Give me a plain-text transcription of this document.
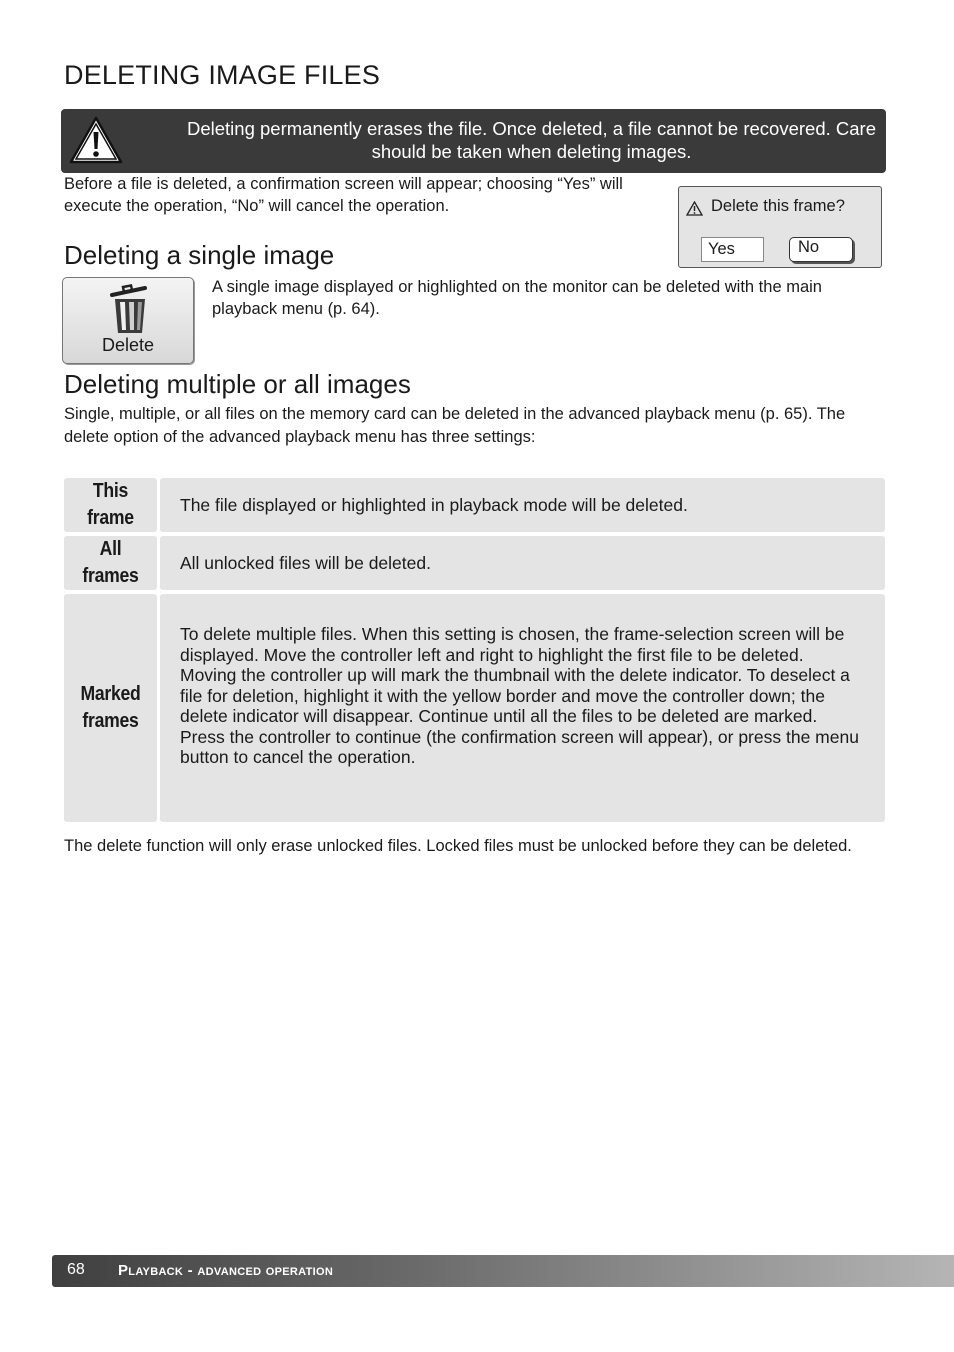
DELETING IMAGE FILES
Deleting permanently erases the file. Once deleted, a file cannot be recovered. Care should be taken when deleting images.
Before a file is deleted, a confirmation screen will appear; choosing “Yes” will execute the operation, “No” will cancel the operation.	Delete this frame?
Yes	No
Deleting a single image
Delete
A single image displayed or highlighted on the monitor can be deleted with the main playback menu (p. 64).
Deleting multiple or all images
Single, multiple, or all files on the memory card can be deleted in the advanced playback menu (p. 65). The delete option of the advanced playback menu has three settings:
This frame
The file displayed or highlighted in playback mode will be deleted.
All frames
All unlocked files will be deleted.
Marked frames
To delete multiple files. When this setting is chosen, the frame-selection screen will be displayed. Move the controller left and right to highlight the first file to be deleted. Moving the controller up will mark the thumbnail with the delete indicator. To deselect a file for deletion, highlight it with the yellow border and move the controller down; the delete indicator will disappear. Continue until all the files to be deleted are marked. Press the controller to continue (the confirmation screen will appear), or press the menu button to cancel the operation.
The delete function will only erase unlocked files. Locked files must be unlocked before they can be deleted.
68 Playback - advanced operation
